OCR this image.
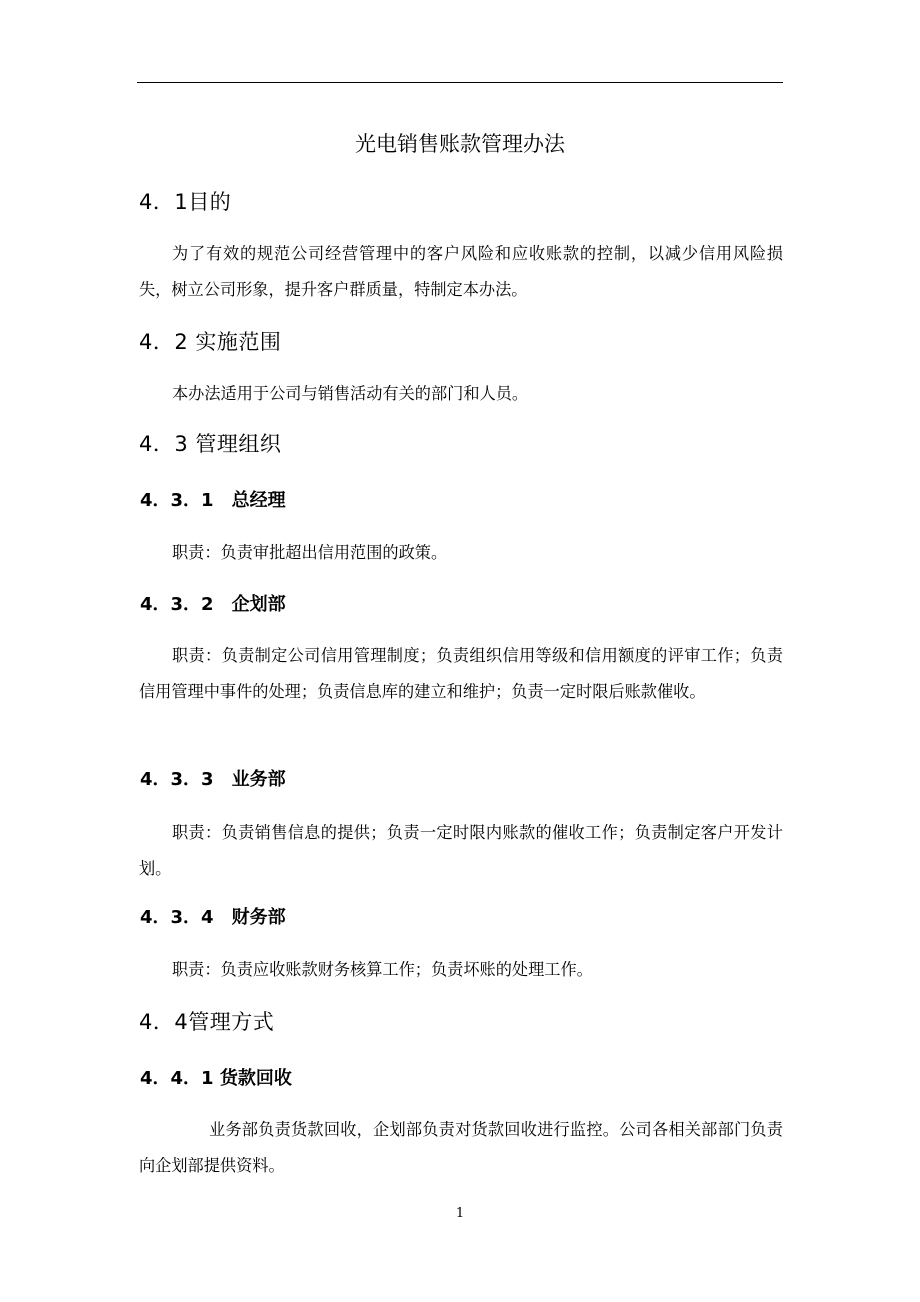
光电销售账款管理办法
4．1目的
为了有效的规范公司经营管理中的客户风险和应收账款的控制，以减少信用风险损失，树立公司形象，提升客户群质量，特制定本办法。
4．2 实施范围
本办法适用于公司与销售活动有关的部门和人员。
4．3 管理组织
4．3．1　总经理
职责：负责审批超出信用范围的政策。
4．3．2　企划部
职责：负责制定公司信用管理制度；负责组织信用等级和信用额度的评审工作；负责信用管理中事件的处理；负责信息库的建立和维护；负责一定时限后账款催收。
4．3．3　业务部
职责：负责销售信息的提供；负责一定时限内账款的催收工作；负责制定客户开发计划。
4．3．4　财务部
职责：负责应收账款财务核算工作；负责坏账的处理工作。
4．4管理方式
4．4．1 货款回收
业务部负责货款回收，企划部负责对货款回收进行监控。公司各相关部部门负责向企划部提供资料。
1
